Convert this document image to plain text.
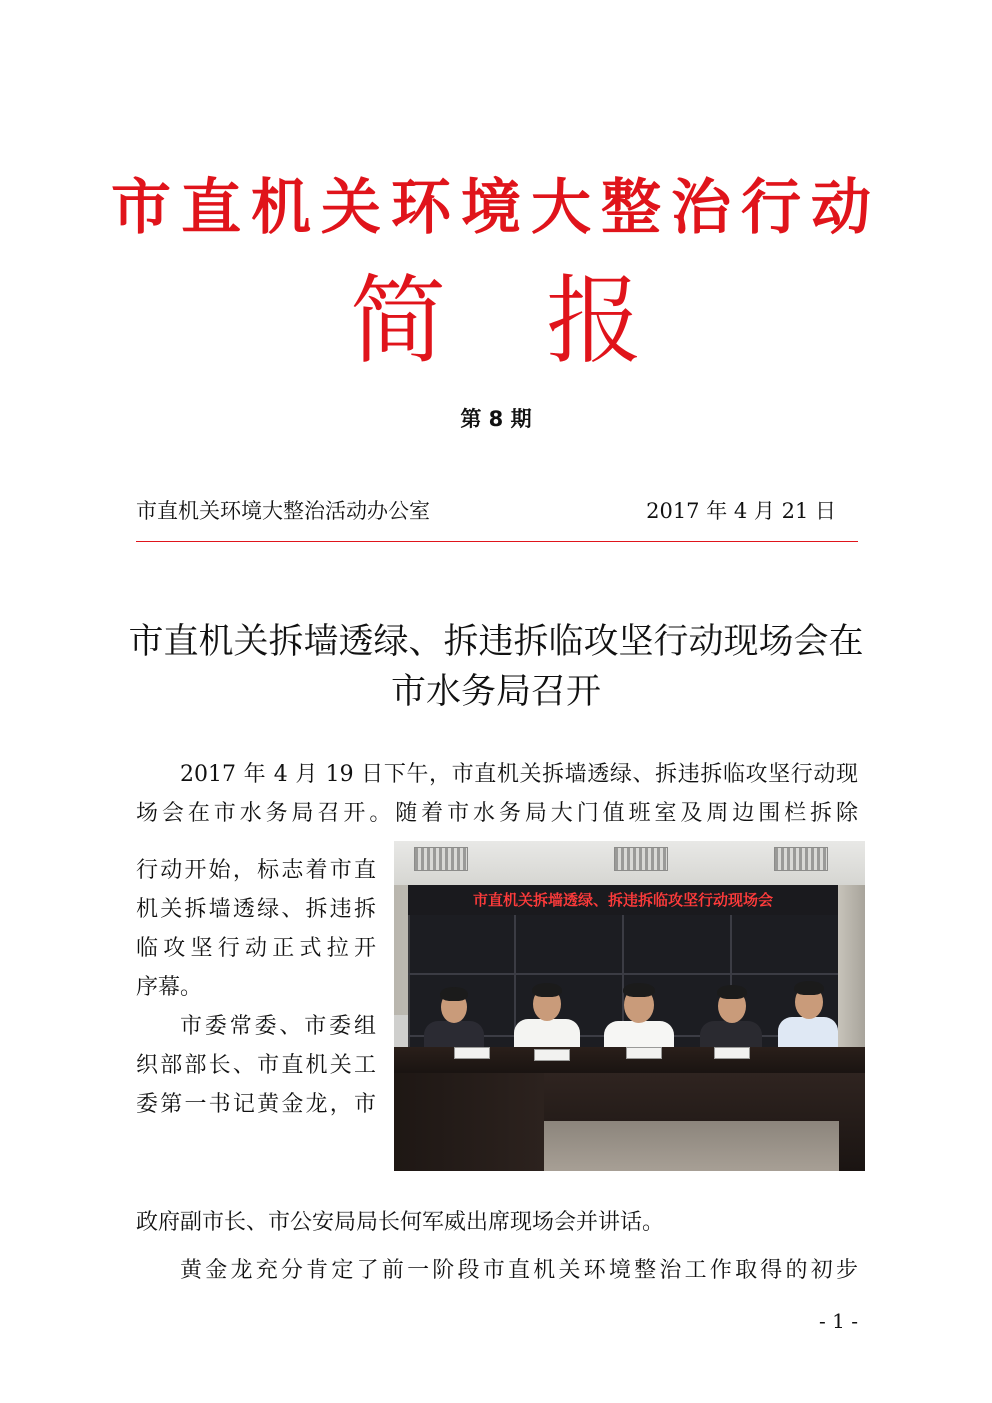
市直机关环境大整治行动
简报
第 8 期
市直机关环境大整治活动办公室	2017 年 4 月 21 日
市直机关拆墙透绿、拆违拆临攻坚行动现场会在市水务局召开
2017 年 4 月 19 日下午，市直机关拆墙透绿、拆违拆临攻坚行动现场会在市水务局召开。随着市水务局大门值班室及周边围栏拆除
行动开始，标志着市直
机关拆墙透绿、拆违拆
临攻坚行动正式拉开
序幕。
市委常委、市委组
织部部长、市直机关工
委第一书记黄金龙，市
政府副市长、市公安局局长何军威出席现场会并讲话。
黄金龙充分肯定了前一阶段市直机关环境整治工作取得的初步
市直机关拆墙透绿、拆违拆临攻坚行动现场会
- 1 -
